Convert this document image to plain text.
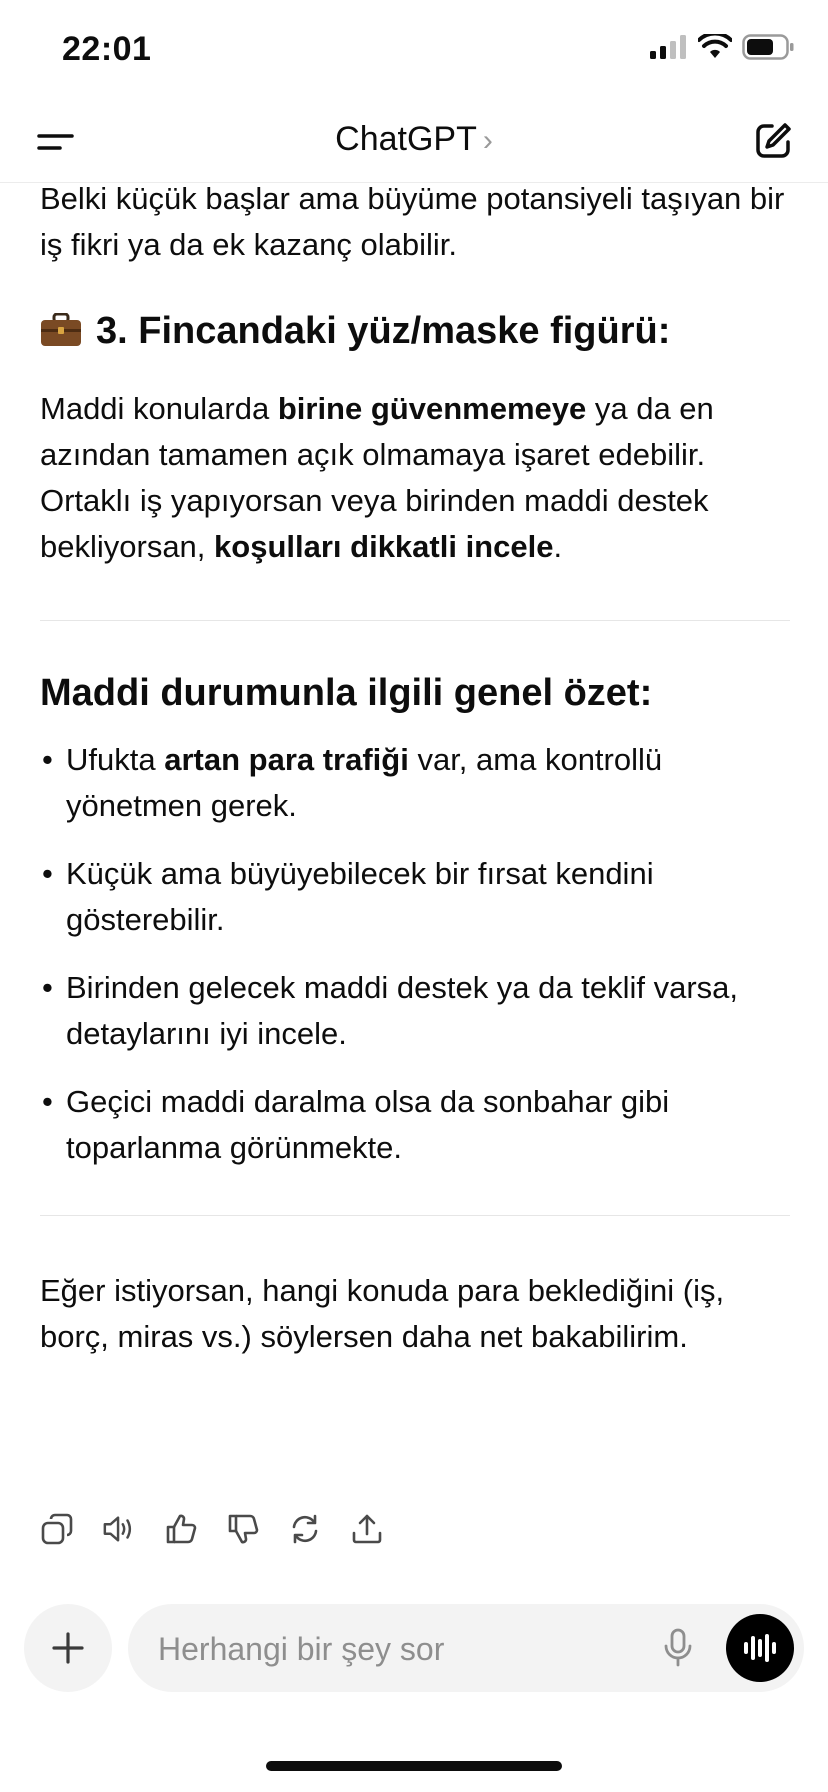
22:01
ChatGPT ›

Belki küçük başlar ama büyüme potansiyeli taşıyan bir iş fikri ya da ek kazanç olabilir.

3. Fincandaki yüz/maske figürü:

Maddi konularda birine güvenmemeye ya da en azından tamamen açık olmamaya işaret edebilir. Ortaklı iş yapıyorsan veya birinden maddi destek bekliyorsan, koşulları dikkatli incele.

Maddi durumunla ilgili genel özet:
• Ufukta artan para trafiği var, ama kontrollü yönetmen gerek.
• Küçük ama büyüyebilecek bir fırsat kendini gösterebilir.
• Birinden gelecek maddi destek ya da teklif varsa, detaylarını iyi incele.
• Geçici maddi daralma olsa da sonbahar gibi toparlanma görünmekte.

Eğer istiyorsan, hangi konuda para beklediğini (iş, borç, miras vs.) söylersen daha net bakabilirim.

Herhangi bir şey sor
